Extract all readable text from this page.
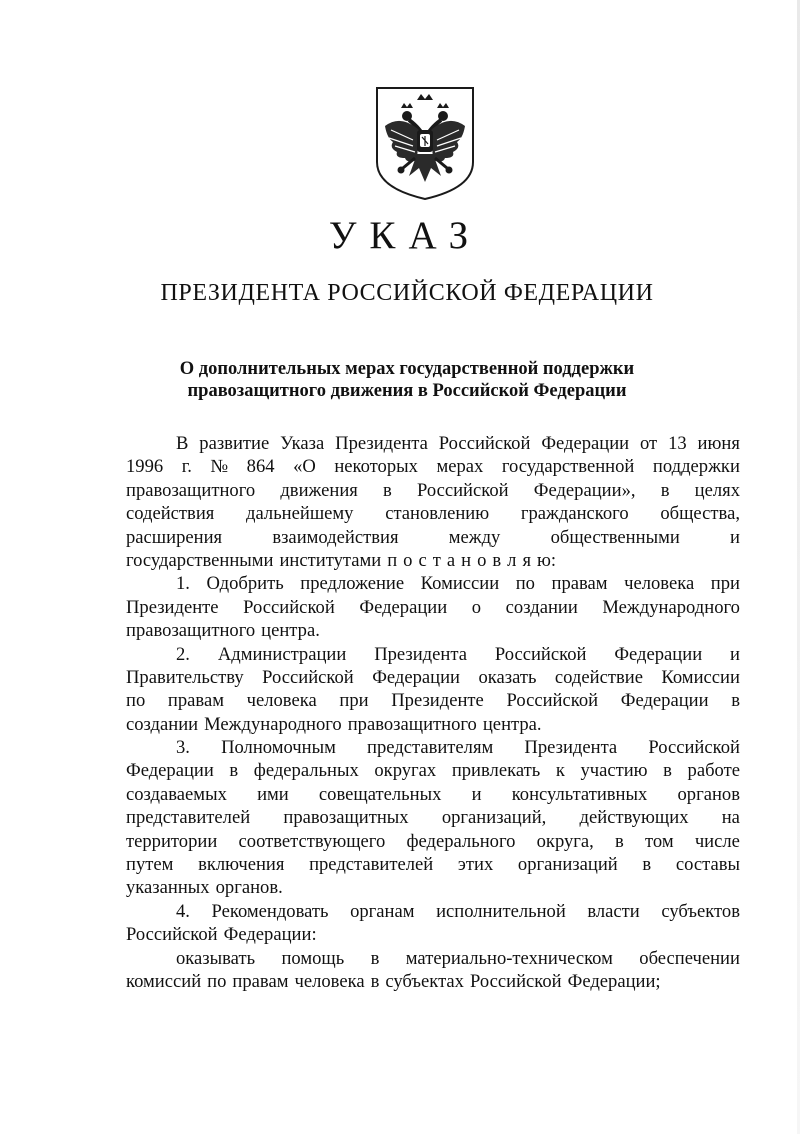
УКАЗ
ПРЕЗИДЕНТА РОССИЙСКОЙ ФЕДЕРАЦИИ
О дополнительных мерах государственной поддержки
правозащитного движения в Российской Федерации
В развитие Указа Президента Российской Федерации от 13 июня
1996 г. № 864 «О некоторых мерах государственной поддержки
правозащитного движения в Российской Федерации», в целях
содействия дальнейшему становлению гражданского общества,
расширения	взаимодействия	между	общественными	и
государственными институтами п о с т а н о в л я ю:
1. Одобрить предложение Комиссии по правам человека при
Президенте Российской Федерации о создании Международного
правозащитного центра.
2. Администрации Президента Российской Федерации и
Правительству Российской Федерации оказать содействие Комиссии
по правам человека при Президенте Российской Федерации в
создании Международного правозащитного центра.
3. Полномочным представителям Президента Российской
Федерации в федеральных округах привлекать к участию в работе
создаваемых ими совещательных и консультативных органов
представителей правозащитных организаций, действующих на
территории соответствующего федерального округа, в том числе
путем включения представителей этих организаций в составы
указанных органов.
4. Рекомендовать органам исполнительной власти субъектов
Российской Федерации:
оказывать помощь в материально-техническом обеспечении
комиссий по правам человека в субъектах Российской Федерации;
